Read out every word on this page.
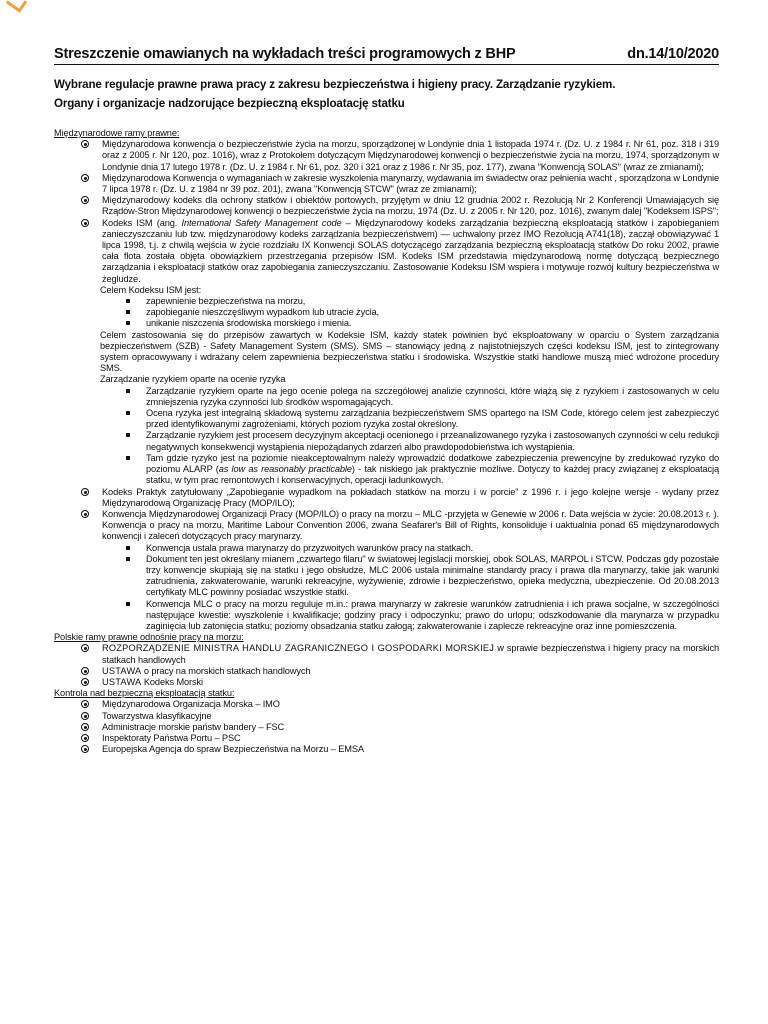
Streszczenie omawianych na wykładach treści programowych z BHP	dn.14/10/2020
Wybrane regulacje prawne prawa pracy z zakresu bezpieczeństwa i higieny pracy. Zarządzanie ryzykiem.
Organy i organizacje nadzorujące bezpieczną eksploatację statku
Międzynarodowe ramy prawne:
Międzynarodowa konwencja o bezpieczeństwie życia na morzu, sporządzonej w Londynie dnia 1 listopada 1974 r. (Dz. U. z 1984 r. Nr 61, poz. 318 i 319 oraz z 2005 r. Nr 120, poz. 1016), wraz z Protokołem dotyczącym Międzynarodowej konwencji o bezpieczeństwie życia na morzu, 1974, sporządzonym w Londynie dnia 17 lutego 1978 r. (Dz. U. z 1984 r. Nr 61, poz. 320 i 321 oraz z 1986 r. Nr 35, poz. 177), zwana "Konwencją SOLAS" (wraz ze zmianami);
Międzynarodowa Konwencja o wymaganiach w zakresie wyszkolenia marynarzy, wydawania im świadectw oraz pełnienia wacht , sporządzona w Londynie 7 lipca 1978 r. (Dz. U. z 1984 nr 39 poz. 201), zwana "Konwencją STCW" (wraz ze zmianami);
Międzynarodowy kodeks dla ochrony statków i obiektów portowych, przyjętym w dniu 12 grudnia 2002 r. Rezolucją Nr 2 Konferencji Umawiających się Rządów-Stron Międzynarodowej konwencji o bezpieczeństwie życia na morzu, 1974 (Dz. U. z 2005 r. Nr 120, poz. 1016), zwanym dalej "Kodeksem ISPS";
Kodeks ISM (ang. International Safety Management code – Międzynarodowy kodeks zarządzania bezpieczną eksploatacją statków i zapobieganiem zanieczyszczaniu lub tzw. międzynarodowy kodeks zarządzania bezpieczeństwem) — uchwalony przez IMO Rezolucją A741(18), zaczął obowiązywać 1 lipca 1998, t.j. z chwilą wejścia w życie rozdziału IX Konwencji SOLAS dotyczącego zarządzania bezpieczną eksploatacją statków Do roku 2002, prawie cała flota została objęta obowiązkiem przestrzegania przepisów ISM. Kodeks ISM przedstawia międzynarodową normę dotyczącą bezpiecznego zarządzania i eksploatacji statków oraz zapobiegania zanieczyszczaniu. Zastosowanie Kodeksu ISM wspiera i motywuje rozwój kultury bezpieczeństwa w żegludze.
Celem Kodeksu ISM jest:
zapewnienie bezpieczeństwa na morzu,
zapobieganie nieszczęśliwym wypadkom lub utracie życia,
unikanie niszczenia środowiska morskiego i mienia.
Celem zastosowania się do przepisów zawartych w Kodeksie ISM, każdy statek powinien być eksploatowany w oparciu o System zarządzania bezpieczeństwem (SZB) - Safety Management System (SMS). SMS – stanowiący jedną z najistotniejszych części kodeksu ISM, jest to zintegrowany system opracowywany i wdrażany celem zapewnienia bezpieczeństwa statku i środowiska. Wszystkie statki handlowe muszą mieć wdrożone procedury SMS.
Zarządzanie ryzykiem oparte na ocenie ryzyka
Zarządzanie ryzykiem oparte na jego ocenie polega na szczegółowej analizie czynności, które wiążą się z ryzykiem i zastosowanych w celu zmniejszenia ryzyka czynności lub środków wspomagających.
Ocena ryzyka jest integralną składową systemu zarządzania bezpieczeństwem SMS opartego na ISM Code, którego celem jest zabezpieczyć przed identyfikowanymi zagrożeniami, których poziom ryzyka został określony.
Zarządzanie ryzykiem jest procesem decyzyjnym akceptacji ocenionego i przeanalizowanego ryzyka i zastosowanych czynności w celu redukcji negatywnych konsekwencji wystąpienia niepożądanych zdarzeń albo prawdopodobieństwa ich wystąpienia.
Tam gdzie ryzyko jest na poziomie nieakceptowalnym należy wprowadzić dodatkowe zabezpieczenia prewencyjne by zredukować ryzyko do poziomu ALARP (as low as reasonably practicable) - tak niskiego jak praktycznie możliwe. Dotyczy to każdej pracy związanej z eksploatacją statku, w tym prac remontowych i konserwacyjnych, operacji ładunkowych.
Kodeks Praktyk zatytułowany „Zapobieganie wypadkom na pokładach statków na morzu i w porcie" z 1996 r. i jego kolejne wersje - wydany przez Międzynarodową Organizację Pracy (MOP/ILO);
Konwencja Międzynarodowej Organizacji Pracy (MOP/ILO) o pracy na morzu – MLC -przyjęta w Genewie w 2006 r. Data wejścia w życie: 20.08.2013 r. ). Konwencja o pracy na morzu, Maritime Labour Convention 2006, zwana Seafarer's Bill of Rights, konsoliduje i uaktualnia ponad 65 międzynarodowych konwencji i zaleceń dotyczących pracy marynarzy.
Konwencja ustala prawa marynarzy do przyzwoitych warunków pracy na statkach.
Dokument ten jest określany mianem „czwartego filaru" w światowej legislacji morskiej, obok SOLAS, MARPOL i STCW. Podczas gdy pozostałe trzy konwencje skupiają się na statku i jego obsłudze, MLC 2006 ustala minimalne standardy pracy i prawa dla marynarzy, takie jak warunki zatrudnienia, zakwaterowanie, warunki rekreacyjne, wyżywienie, zdrowie i bezpieczeństwo, opieka medyczna, ubezpieczenie. Od 20.08.2013 certyfikaty MLC powinny posiadać wszystkie statki.
Konwencja MLC o pracy na morzu reguluje m.in.: prawa marynarzy w zakresie warunków zatrudnienia i ich prawa socjalne, w szczególności następujące kwestie: wyszkolenie i kwalifikacje; godziny pracy i odpoczynku; prawo do urlopu; odszkodowanie dla marynarza w przypadku zaginięcia lub zatonięcia statku; poziomy obsadzania statku załogą; zakwaterowanie i zaplecze rekreacyjne oraz inne pomieszczenia.
Polskie ramy prawne odnośnie pracy na morzu:
ROZPORZĄDZENIE MINISTRA HANDLU ZAGRANICZNEGO I GOSPODARKI MORSKIEJ w sprawie bezpieczeństwa i higieny pracy na morskich statkach handlowych
USTAWA o pracy na morskich statkach handlowych
USTAWA Kodeks Morski
Kontrola nad bezpieczną eksploatacją statku:
Międzynarodowa Organizacja Morska – IMO
Towarzystwa klasyfikacyjne
Administracje morskie państw bandery – FSC
Inspektoraty Państwa Portu – PSC
Europejska Agencja do spraw Bezpieczeństwa na Morzu – EMSA
